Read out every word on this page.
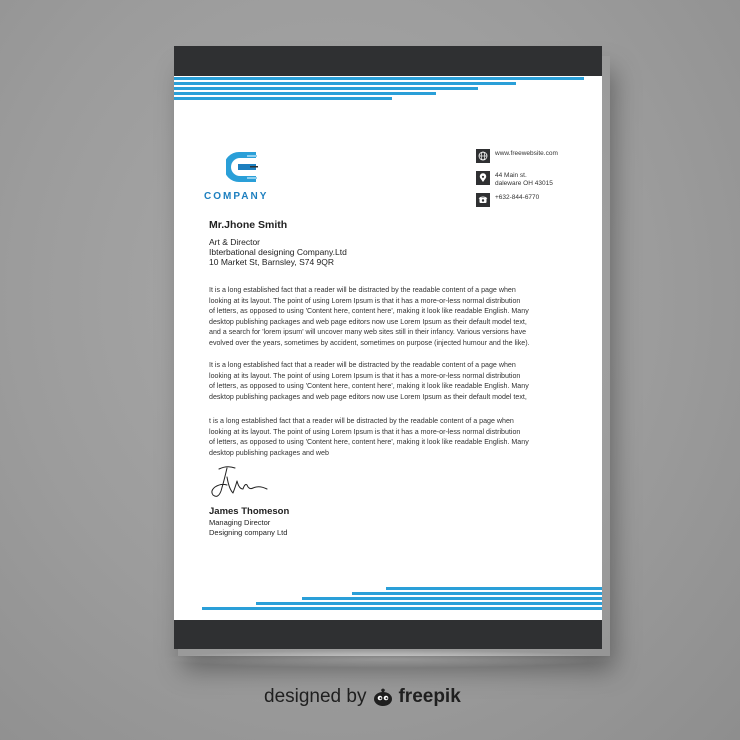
COMPANY
www.freewebsite.com
44 Main st.
daleware OH 43015
+632-844-6770
Mr.Jhone Smith
Art & Director
Ibterbational designing Company.Ltd
10 Market St, Barnsley, S74 9QR
It is a long established fact that a reader will be distracted by the readable content of a page when
looking at its layout. The point of using Lorem Ipsum is that it has a more-or-less normal distribution
of letters, as opposed to using 'Content here, content here', making it look like readable English. Many
desktop publishing packages and web page editors now use Lorem Ipsum as their default model text,
and a search for 'lorem ipsum' will uncover many web sites still in their infancy. Various versions have
evolved over the years, sometimes by accident, sometimes on purpose (injected humour and the like).
It is a long established fact that a reader will be distracted by the readable content of a page when
looking at its layout. The point of using Lorem Ipsum is that it has a more-or-less normal distribution
of letters, as opposed to using 'Content here, content here', making it look like readable English. Many
desktop publishing packages and web page editors now use Lorem Ipsum as their default model text,
t is a long established fact that a reader will be distracted by the readable content of a page when
looking at its layout. The point of using Lorem Ipsum is that it has a more-or-less normal distribution
of letters, as opposed to using 'Content here, content here', making it look like readable English. Many
desktop publishing packages and web
James Thomeson
Managing Director
Designing company Ltd
designed by freepik
